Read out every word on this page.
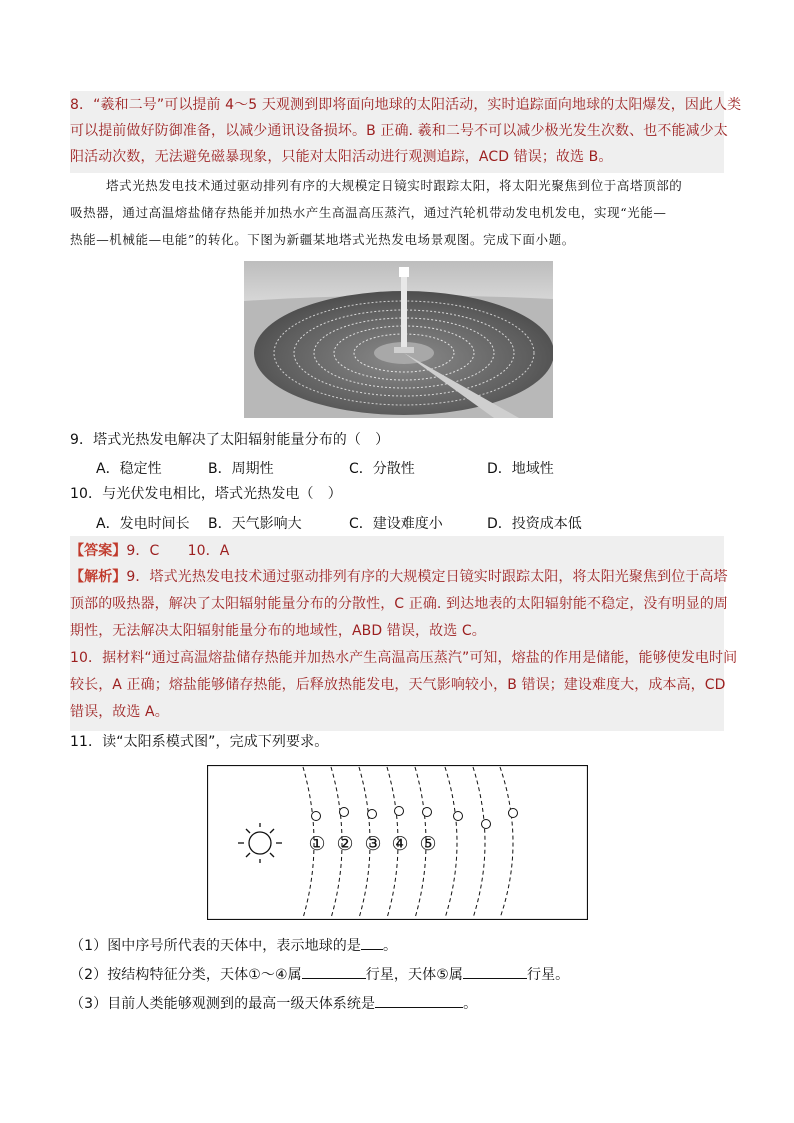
8．“羲和二号”可以提前 4～5 天观测到即将面向地球的太阳活动，实时追踪面向地球的太阳爆发，因此人类
可以提前做好防御准备，以减少通讯设备损坏。B 正确. 羲和二号不可以减少极光发生次数、也不能减少太
阳活动次数，无法避免磁暴现象，只能对太阳活动进行观测追踪，ACD 错误；故选 B。
塔式光热发电技术通过驱动排列有序的大规模定日镜实时跟踪太阳，将太阳光聚焦到位于高塔顶部的
吸热器，通过高温熔盐储存热能并加热水产生高温高压蒸汽，通过汽轮机带动发电机发电，实现“光能—
热能—机械能—电能”的转化。下图为新疆某地塔式光热发电场景观图。完成下面小题。
9．塔式光热发电解决了太阳辐射能量分布的（　）
A．稳定性	B．周期性	C．分散性	D．地域性
10．与光伏发电相比，塔式光热发电（　）
A．发电时间长 B．天气影响大	C．建设难度小	D．投资成本低
【答案】9．C　　10．A
【解析】9．塔式光热发电技术通过驱动排列有序的大规模定日镜实时跟踪太阳，将太阳光聚焦到位于高塔
顶部的吸热器，解决了太阳辐射能量分布的分散性，C 正确. 到达地表的太阳辐射能不稳定，没有明显的周
期性，无法解决太阳辐射能量分布的地域性，ABD 错误，故选 C。
10．据材料“通过高温熔盐储存热能并加热水产生高温高压蒸汽”可知，熔盐的作用是储能，能够使发电时间
较长，A 正确；熔盐能够储存热能，后释放热能发电，天气影响较小，B 错误；建设难度大，成本高，CD
错误，故选 A。
11．读“太阳系模式图”，完成下列要求。
① ② ③ ④ ⑤
（1）图中序号所代表的天体中，表示地球的是 。
（2）按结构特征分类，天体①～④属	行星，天体⑤属	行星。
（3）目前人类能够观测到的最高一级天体系统是	。
